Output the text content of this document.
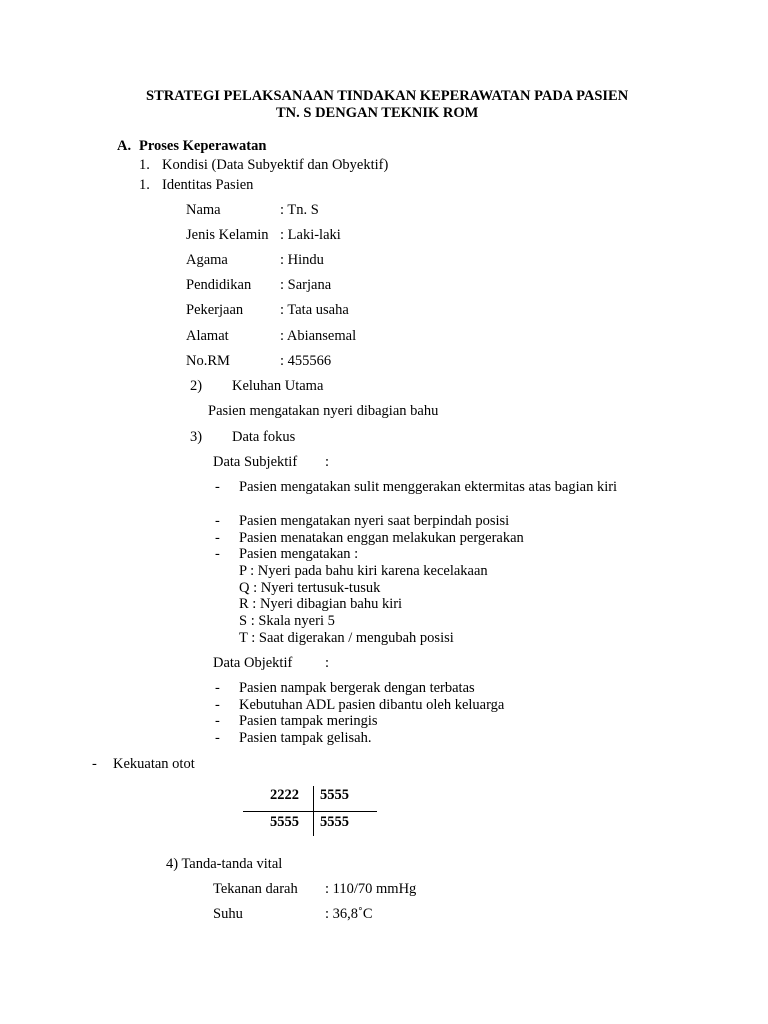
STRATEGI PELAKSANAAN TINDAKAN KEPERAWATAN PADA PASIEN
TN. S DENGAN TEKNIK ROM
A. Proses Keperawatan
1. Kondisi (Data Subyektif dan Obyektif)
1. Identitas Pasien
Nama	: Tn. S
Jenis Kelamin : Laki-laki
Agama	: Hindu
Pendidikan : Sarjana
Pekerjaan	: Tata usaha
Alamat	: Abiansemal
No.RM	: 455566
2) Keluhan Utama
Pasien mengatakan nyeri dibagian bahu
3) Data fokus
Data Subjektif :
- Pasien mengatakan sulit menggerakan ektermitas atas bagian kiri
- Pasien mengatakan nyeri saat berpindah posisi
- Pasien menatakan enggan melakukan pergerakan
- Pasien mengatakan :
P : Nyeri pada bahu kiri karena kecelakaan
Q : Nyeri tertusuk-tusuk
R : Nyeri dibagian bahu kiri
S : Skala nyeri 5
T : Saat digerakan / mengubah posisi
Data Objektif :
- Pasien nampak bergerak dengan terbatas
- Kebutuhan ADL pasien dibantu oleh keluarga
- Pasien tampak meringis
- Pasien tampak gelisah.
- Kekuatan otot
2222 5555
5555 5555
4) Tanda-tanda vital
Tekanan darah : 110/70 mmHg
Suhu	: 36,8˚C
